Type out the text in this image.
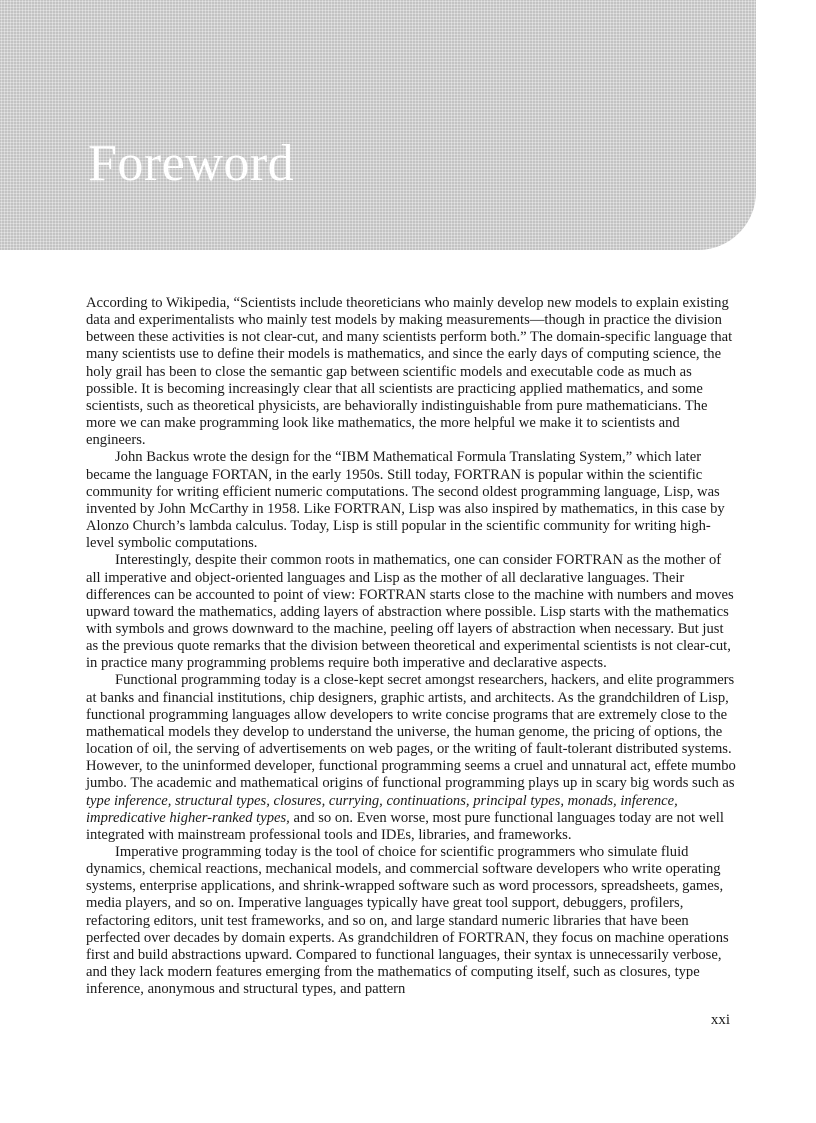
Foreword

According to Wikipedia, “Scientists include theoreticians who mainly develop new models to explain existing data and experimentalists who mainly test models by making measurements—though in practice the division between these activities is not clear-cut, and many scientists perform both.” The domain-specific language that many scientists use to define their models is mathematics, and since the early days of computing science, the holy grail has been to close the semantic gap between scientific models and executable code as much as possible. It is becoming increasingly clear that all scientists are practicing applied mathematics, and some scientists, such as theoretical physicists, are behaviorally indistinguishable from pure mathematicians. The more we can make programming look like mathematics, the more helpful we make it to scientists and engineers.

John Backus wrote the design for the “IBM Mathematical Formula Translating System,” which later became the language FORTAN, in the early 1950s. Still today, FORTRAN is popular within the scientific community for writing efficient numeric computations. The second oldest programming language, Lisp, was invented by John McCarthy in 1958. Like FORTRAN, Lisp was also inspired by mathematics, in this case by Alonzo Church’s lambda calculus. Today, Lisp is still popular in the scientific community for writing high-level symbolic computations.

Interestingly, despite their common roots in mathematics, one can consider FORTRAN as the mother of all imperative and object-oriented languages and Lisp as the mother of all declarative languages. Their differences can be accounted to point of view: FORTRAN starts close to the machine with numbers and moves upward toward the mathematics, adding layers of abstraction where possible. Lisp starts with the mathematics with symbols and grows downward to the machine, peeling off layers of abstraction when necessary. But just as the previous quote remarks that the division between theoretical and experimental scientists is not clear-cut, in practice many programming problems require both imperative and declarative aspects.

Functional programming today is a close-kept secret amongst researchers, hackers, and elite programmers at banks and financial institutions, chip designers, graphic artists, and architects. As the grandchildren of Lisp, functional programming languages allow developers to write concise programs that are extremely close to the mathematical models they develop to understand the universe, the human genome, the pricing of options, the location of oil, the serving of advertisements on web pages, or the writing of fault-tolerant distributed systems. However, to the uninformed developer, functional programming seems a cruel and unnatural act, effete mumbo jumbo. The academic and mathematical origins of functional programming plays up in scary big words such as type inference, structural types, closures, currying, continuations, principal types, monads, inference, impredicative higher-ranked types, and so on. Even worse, most pure functional languages today are not well integrated with mainstream professional tools and IDEs, libraries, and frameworks.

Imperative programming today is the tool of choice for scientific programmers who simulate fluid dynamics, chemical reactions, mechanical models, and commercial software developers who write operating systems, enterprise applications, and shrink-wrapped software such as word processors, spreadsheets, games, media players, and so on. Imperative languages typically have great tool support, debuggers, profilers, refactoring editors, unit test frameworks, and so on, and large standard numeric libraries that have been perfected over decades by domain experts. As grandchildren of FORTRAN, they focus on machine operations first and build abstractions upward. Compared to functional languages, their syntax is unnecessarily verbose, and they lack modern features emerging from the mathematics of computing itself, such as closures, type inference, anonymous and structural types, and pattern

xxi
